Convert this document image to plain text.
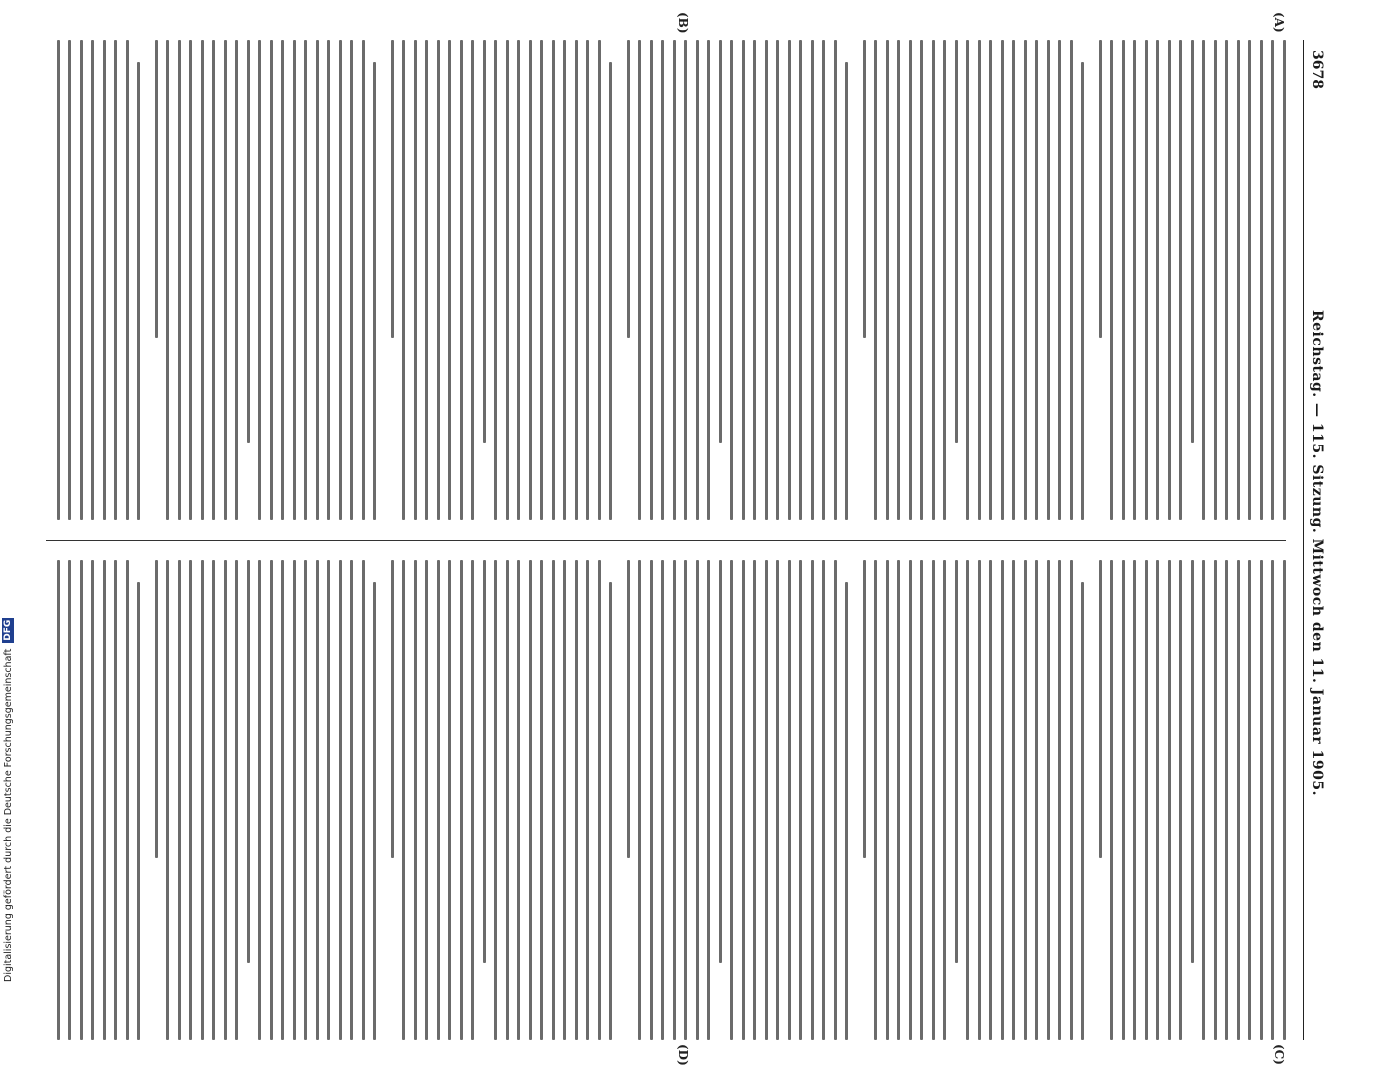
3678
Reichstag. — 115. Sitzung. Mittwoch den 11. Januar 1905.
(A)
(B)
(C)
(D)
Digitalisierung gefördert durch die Deutsche Forschungsgemeinschaft
DFG
